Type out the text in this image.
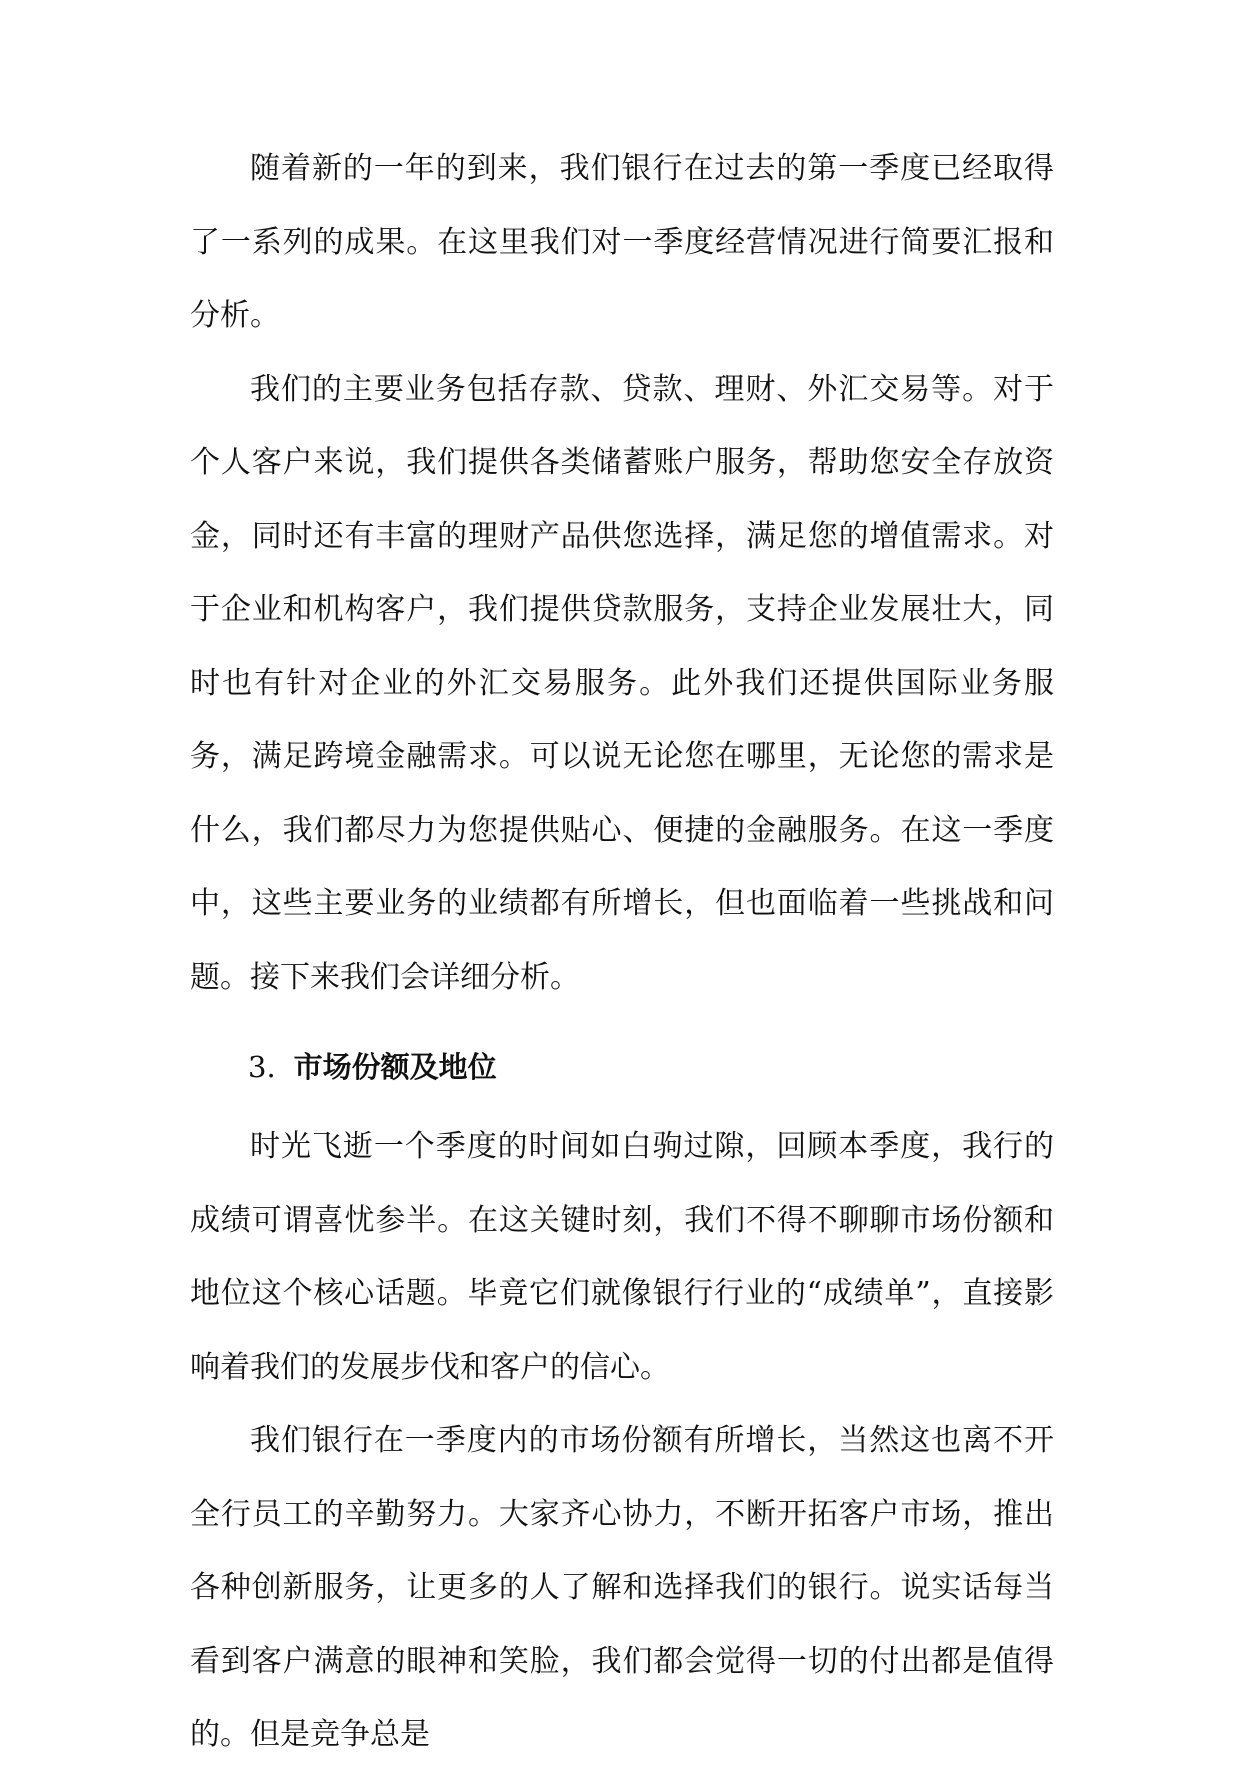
随着新的一年的到来，我们银行在过去的第一季度已经取得了一系列的成果。在这里我们对一季度经营情况进行简要汇报和分析。

我们的主要业务包括存款、贷款、理财、外汇交易等。对于个人客户来说，我们提供各类储蓄账户服务，帮助您安全存放资金，同时还有丰富的理财产品供您选择，满足您的增值需求。对于企业和机构客户，我们提供贷款服务，支持企业发展壮大，同时也有针对企业的外汇交易服务。此外我们还提供国际业务服务，满足跨境金融需求。可以说无论您在哪里，无论您的需求是什么，我们都尽力为您提供贴心、便捷的金融服务。在这一季度中，这些主要业务的业绩都有所增长，但也面临着一些挑战和问题。接下来我们会详细分析。

3. 市场份额及地位

时光飞逝一个季度的时间如白驹过隙，回顾本季度，我行的成绩可谓喜忧参半。在这关键时刻，我们不得不聊聊市场份额和地位这个核心话题。毕竟它们就像银行行业的“成绩单”，直接影响着我们的发展步伐和客户的信心。

我们银行在一季度内的市场份额有所增长，当然这也离不开全行员工的辛勤努力。大家齐心协力，不断开拓客户市场，推出各种创新服务，让更多的人了解和选择我们的银行。说实话每当看到客户满意的眼神和笑脸，我们都会觉得一切的付出都是值得的。但是竞争总是
